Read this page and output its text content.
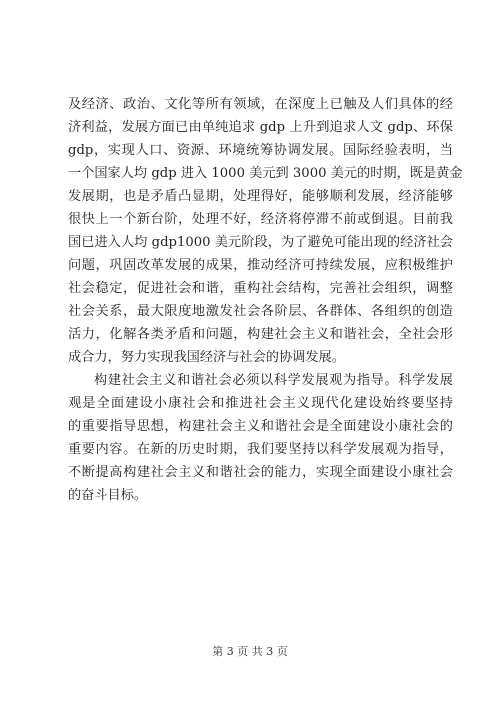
及经济、政治、文化等所有领域，在深度上已触及人们具体的经
济利益，发展方面已由单纯追求 gdp 上升到追求人文 gdp、环保
gdp，实现人口、资源、环境统筹协调发展。国际经验表明，当
一个国家人均 gdp 进入 1000 美元到 3000 美元的时期，既是黄金
发展期，也是矛盾凸显期，处理得好，能够顺利发展，经济能够
很快上一个新台阶，处理不好，经济将停滞不前或倒退。目前我
国已进入人均 gdp1000 美元阶段，为了避免可能出现的经济社会
问题，巩固改革发展的成果，推动经济可持续发展，应积极维护
社会稳定，促进社会和谐，重构社会结构，完善社会组织，调整
社会关系，最大限度地激发社会各阶层、各群体、各组织的创造
活力，化解各类矛盾和问题，构建社会主义和谐社会，全社会形
成合力，努力实现我国经济与社会的协调发展。
构建社会主义和谐社会必须以科学发展观为指导。科学发展
观是全面建设小康社会和推进社会主义现代化建设始终要坚持
的重要指导思想，构建社会主义和谐社会是全面建设小康社会的
重要内容。在新的历史时期，我们要坚持以科学发展观为指导，
不断提高构建社会主义和谐社会的能力，实现全面建设小康社会
的奋斗目标。
第 3 页 共 3 页
